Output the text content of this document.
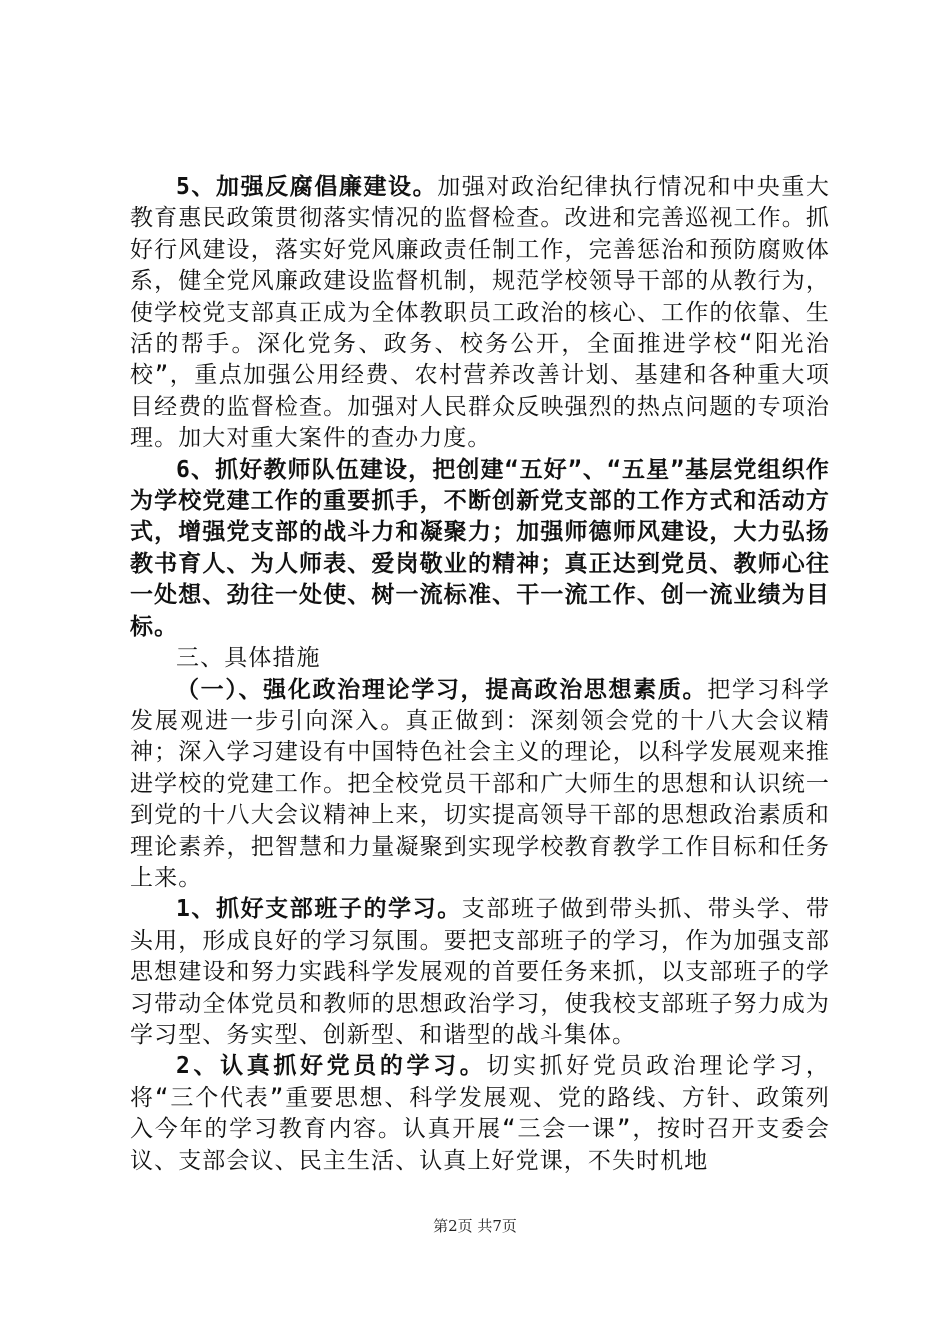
5、加强反腐倡廉建设。加强对政治纪律执行情况和中央重大教育惠民政策贯彻落实情况的监督检查。改进和完善巡视工作。抓好行风建设，落实好党风廉政责任制工作，完善惩治和预防腐败体系，健全党风廉政建设监督机制，规范学校领导干部的从教行为，使学校党支部真正成为全体教职员工政治的核心、工作的依靠、生活的帮手。深化党务、政务、校务公开，全面推进学校“阳光治校”，重点加强公用经费、农村营养改善计划、基建和各种重大项目经费的监督检查。加强对人民群众反映强烈的热点问题的专项治理。加大对重大案件的查办力度。

6、抓好教师队伍建设，把创建“五好”、“五星”基层党组织作为学校党建工作的重要抓手，不断创新党支部的工作方式和活动方式，增强党支部的战斗力和凝聚力；加强师德师风建设，大力弘扬教书育人、为人师表、爱岗敬业的精神；真正达到党员、教师心往一处想、劲往一处使、树一流标准、干一流工作、创一流业绩为目标。

三、具体措施

（一）、强化政治理论学习，提高政治思想素质。把学习科学发展观进一步引向深入。真正做到：深刻领会党的十八大会议精神；深入学习建设有中国特色社会主义的理论，以科学发展观来推进学校的党建工作。把全校党员干部和广大师生的思想和认识统一到党的十八大会议精神上来，切实提高领导干部的思想政治素质和理论素养，把智慧和力量凝聚到实现学校教育教学工作目标和任务上来。

1、抓好支部班子的学习。支部班子做到带头抓、带头学、带头用，形成良好的学习氛围。要把支部班子的学习，作为加强支部思想建设和努力实践科学发展观的首要任务来抓，以支部班子的学习带动全体党员和教师的思想政治学习，使我校支部班子努力成为学习型、务实型、创新型、和谐型的战斗集体。

2、认真抓好党员的学习。切实抓好党员政治理论学习，将“三个代表”重要思想、科学发展观、党的路线、方针、政策列入今年的学习教育内容。认真开展“三会一课”，按时召开支委会议、支部会议、民主生活、认真上好党课，不失时机地

第2页 共7页
